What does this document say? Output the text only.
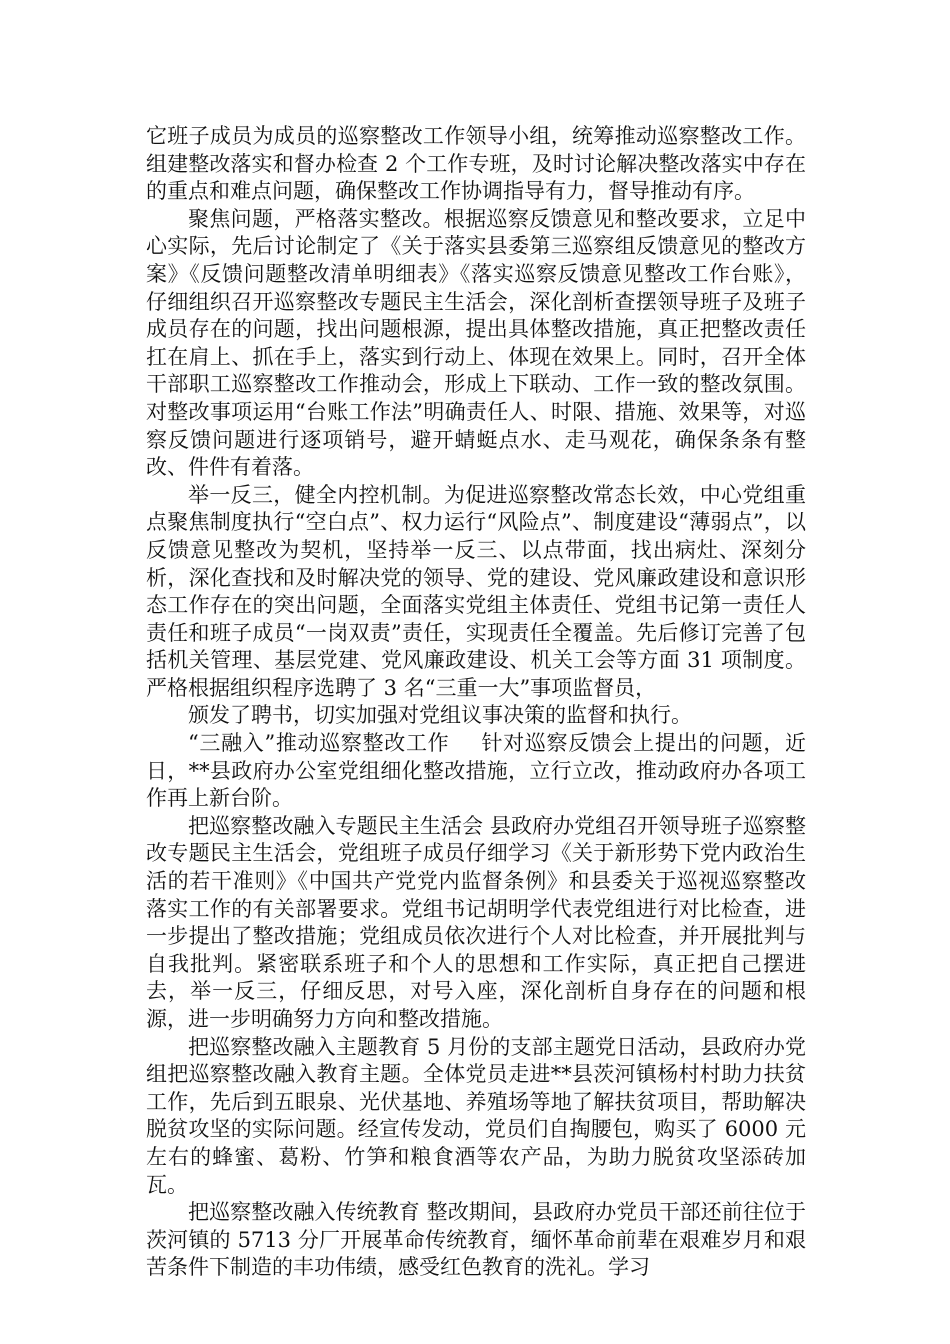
它班子成员为成员的巡察整改工作领导小组，统筹推动巡察整改工作。组建整改落实和督办检查 2 个工作专班，及时讨论解决整改落实中存在的重点和难点问题，确保整改工作协调指导有力，督导推动有序。

聚焦问题，严格落实整改。根据巡察反馈意见和整改要求，立足中心实际，先后讨论制定了《关于落实县委第三巡察组反馈意见的整改方案》《反馈问题整改清单明细表》《落实巡察反馈意见整改工作台账》，仔细组织召开巡察整改专题民主生活会，深化剖析查摆领导班子及班子成员存在的问题，找出问题根源，提出具体整改措施，真正把整改责任扛在肩上、抓在手上，落实到行动上、体现在效果上。同时，召开全体干部职工巡察整改工作推动会，形成上下联动、工作一致的整改氛围。对整改事项运用“台账工作法”明确责任人、时限、措施、效果等，对巡察反馈问题进行逐项销号，避开蜻蜓点水、走马观花，确保条条有整改、件件有着落。

举一反三，健全内控机制。为促进巡察整改常态长效，中心党组重点聚焦制度执行“空白点”、权力运行“风险点”、制度建设“薄弱点”，以反馈意见整改为契机，坚持举一反三、以点带面，找出病灶、深刻分析，深化查找和及时解决党的领导、党的建设、党风廉政建设和意识形态工作存在的突出问题，全面落实党组主体责任、党组书记第一责任人责任和班子成员“一岗双责”责任，实现责任全覆盖。先后修订完善了包括机关管理、基层党建、党风廉政建设、机关工会等方面 31 项制度。严格根据组织程序选聘了 3 名“三重一大”事项监督员，

颁发了聘书，切实加强对党组议事决策的监督和执行。

“三融入”推动巡察整改工作 针对巡察反馈会上提出的问题，近日，**县政府办公室党组细化整改措施，立行立改，推动政府办各项工作再上新台阶。

把巡察整改融入专题民主生活会 县政府办党组召开领导班子巡察整改专题民主生活会，党组班子成员仔细学习《关于新形势下党内政治生活的若干准则》《中国共产党党内监督条例》和县委关于巡视巡察整改落实工作的有关部署要求。党组书记胡明学代表党组进行对比检查，进一步提出了整改措施；党组成员依次进行个人对比检查，并开展批判与自我批判。紧密联系班子和个人的思想和工作实际，真正把自己摆进去，举一反三，仔细反思，对号入座，深化剖析自身存在的问题和根源，进一步明确努力方向和整改措施。

把巡察整改融入主题教育 5 月份的支部主题党日活动，县政府办党组把巡察整改融入教育主题。全体党员走进**县茨河镇杨村村助力扶贫工作，先后到五眼泉、光伏基地、养殖场等地了解扶贫项目，帮助解决脱贫攻坚的实际问题。经宣传发动，党员们自掏腰包，购买了 6000 元左右的蜂蜜、葛粉、竹笋和粮食酒等农产品，为助力脱贫攻坚添砖加瓦。

把巡察整改融入传统教育 整改期间，县政府办党员干部还前往位于茨河镇的 5713 分厂开展革命传统教育，缅怀革命前辈在艰难岁月和艰苦条件下制造的丰功伟绩，感受红色教育的洗礼。学习
